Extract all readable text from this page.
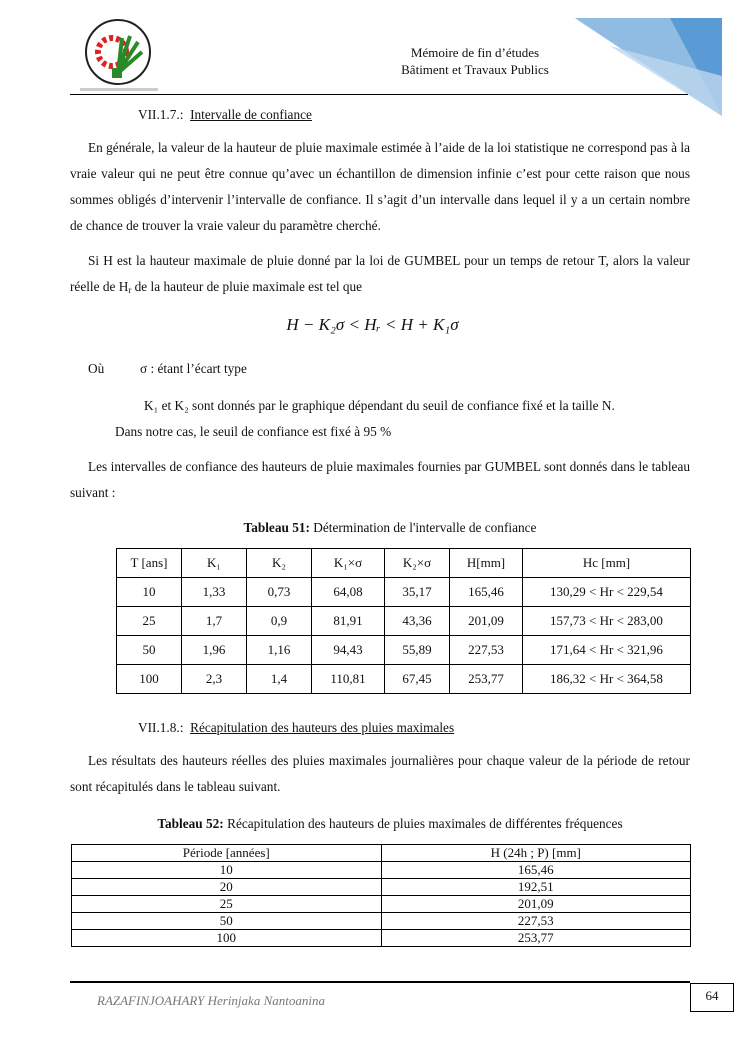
Mémoire de fin d’études
Bâtiment et Travaux Publics
VII.1.7.: Intervalle de confiance
En générale, la valeur de la hauteur de pluie maximale estimée à l’aide de la loi statistique ne correspond pas à la vraie valeur qui ne peut être connue qu’avec un échantillon de dimension infinie c’est pour cette raison que nous sommes obligés d’intervenir l’intervalle de confiance. Il s’agit d’un intervalle dans lequel il y a un certain nombre de chance de trouver la vraie valeur du paramètre cherché.
Si H est la hauteur maximale de pluie donné par la loi de GUMBEL pour un temps de retour T, alors la valeur réelle de $H_r$ de la hauteur de pluie maximale est tel que
H − K₂σ < Hᵣ < H + K₁σ
Où	σ : étant l’écart type
K₁ et K₂ sont donnés par le graphique dépendant du seuil de confiance fixé et la taille N.
Dans notre cas, le seuil de confiance est fixé à 95 %
Les intervalles de confiance des hauteurs de pluie maximales fournies par GUMBEL sont donnés dans le tableau suivant :
Tableau 51: Détermination de l'intervalle de confiance
T [ans]	K₁	K₂	K₁×σ	K₂×σ	H[mm]	Hc [mm]
10	1,33	0,73	64,08	35,17	165,46	130,29 < Hr < 229,54
25	1,7	0,9	81,91	43,36	201,09	157,73 < Hr < 283,00
50	1,96	1,16	94,43	55,89	227,53	171,64 < Hr < 321,96
100	2,3	1,4	110,81	67,45	253,77	186,32 < Hr < 364,58
VII.1.8.:  Récapitulation des hauteurs des pluies maximales
Les résultats des hauteurs réelles des pluies maximales journalières pour chaque valeur de la période de retour sont récapitulés dans le tableau suivant.
Tableau 52: Récapitulation des hauteurs de pluies maximales de différentes fréquences
Période [années]	H (24h ; P) [mm]
10	165,46
20	192,51
25	201,09
50	227,53
100	253,77
RAZAFINJOAHARY Herinjaka Nantoanina	64
